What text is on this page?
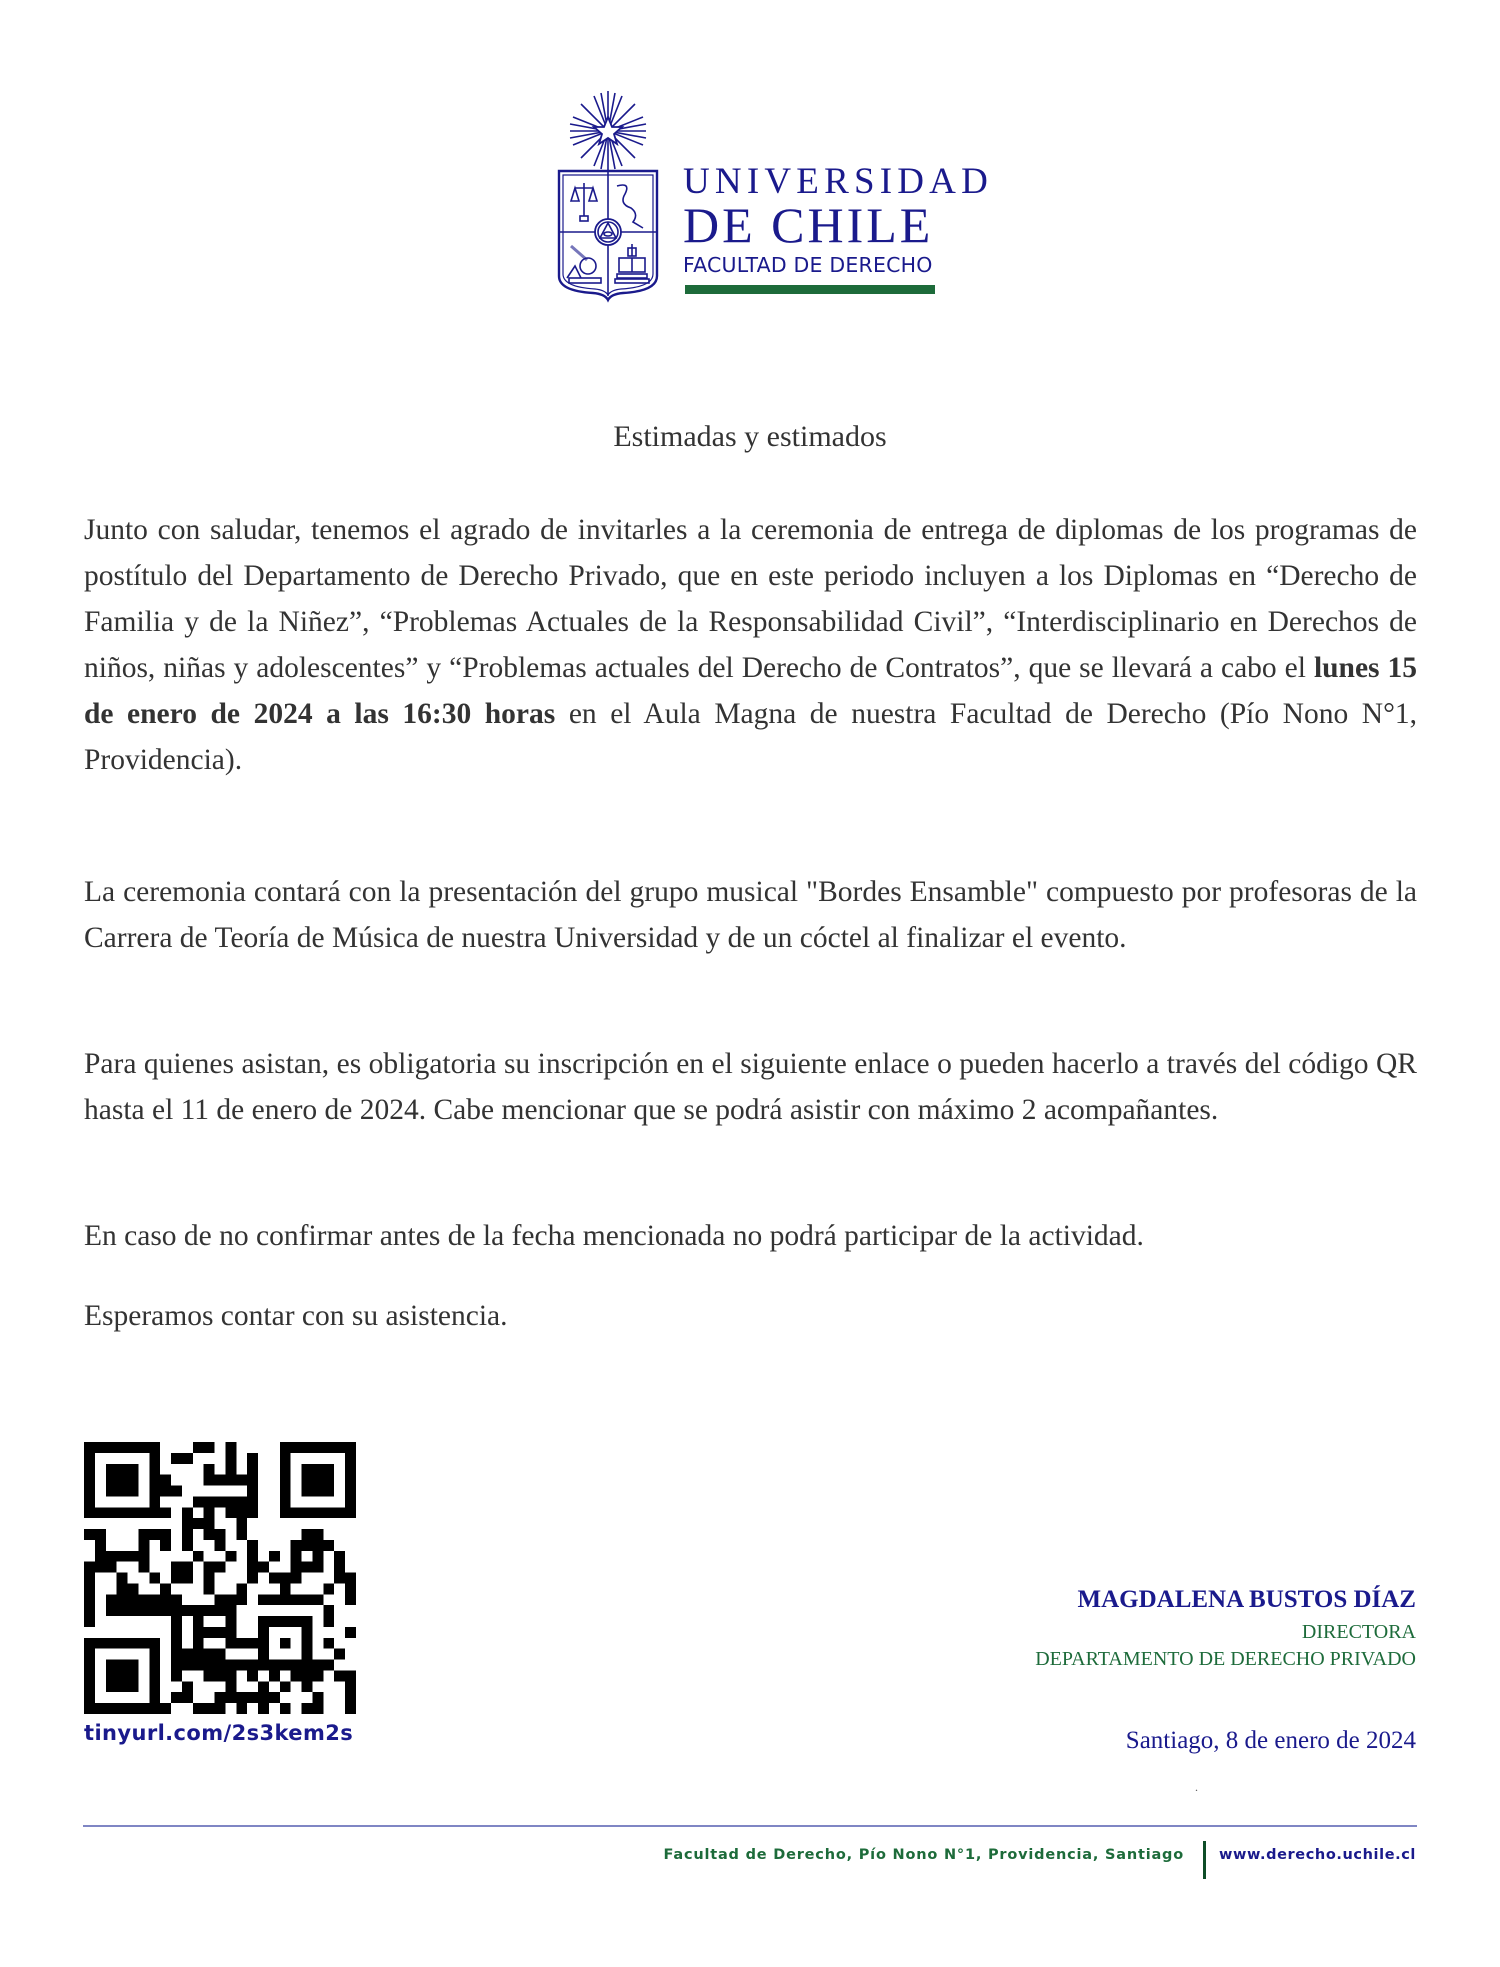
UNIVERSIDAD
DE CHILE
FACULTAD DE DERECHO
Estimadas y estimados

Junto con saludar, tenemos el agrado de invitarles a la ceremonia de entrega de diplomas de los programas de postítulo del Departamento de Derecho Privado, que en este periodo incluyen a los Diplomas en “Derecho de Familia y de la Niñez”, “Problemas Actuales de la Responsabilidad Civil”, “Interdisciplinario en Derechos de niños, niñas y adolescentes” y “Problemas actuales del Derecho de Contratos”, que se llevará a cabo el lunes 15 de enero de 2024 a las 16:30 horas en el Aula Magna de nuestra Facultad de Derecho (Pío Nono N°1, Providencia).

La ceremonia contará con la presentación del grupo musical "Bordes Ensamble" compuesto por profesoras de la Carrera de Teoría de Música de nuestra Universidad y de un cóctel al finalizar el evento.

Para quienes asistan, es obligatoria su inscripción en el siguiente enlace o pueden hacerlo a través del código QR hasta el 11 de enero de 2024. Cabe mencionar que se podrá asistir con máximo 2 acompañantes.

En caso de no confirmar antes de la fecha mencionada no podrá participar de la actividad.

Esperamos contar con su asistencia.

tinyurl.com/2s3kem2s
MAGDALENA BUSTOS DÍAZ
DIRECTORA
DEPARTAMENTO DE DERECHO PRIVADO
Santiago, 8 de enero de 2024
.
Facultad de Derecho, Pío Nono N°1, Providencia, Santiago www.derecho.uchile.cl
